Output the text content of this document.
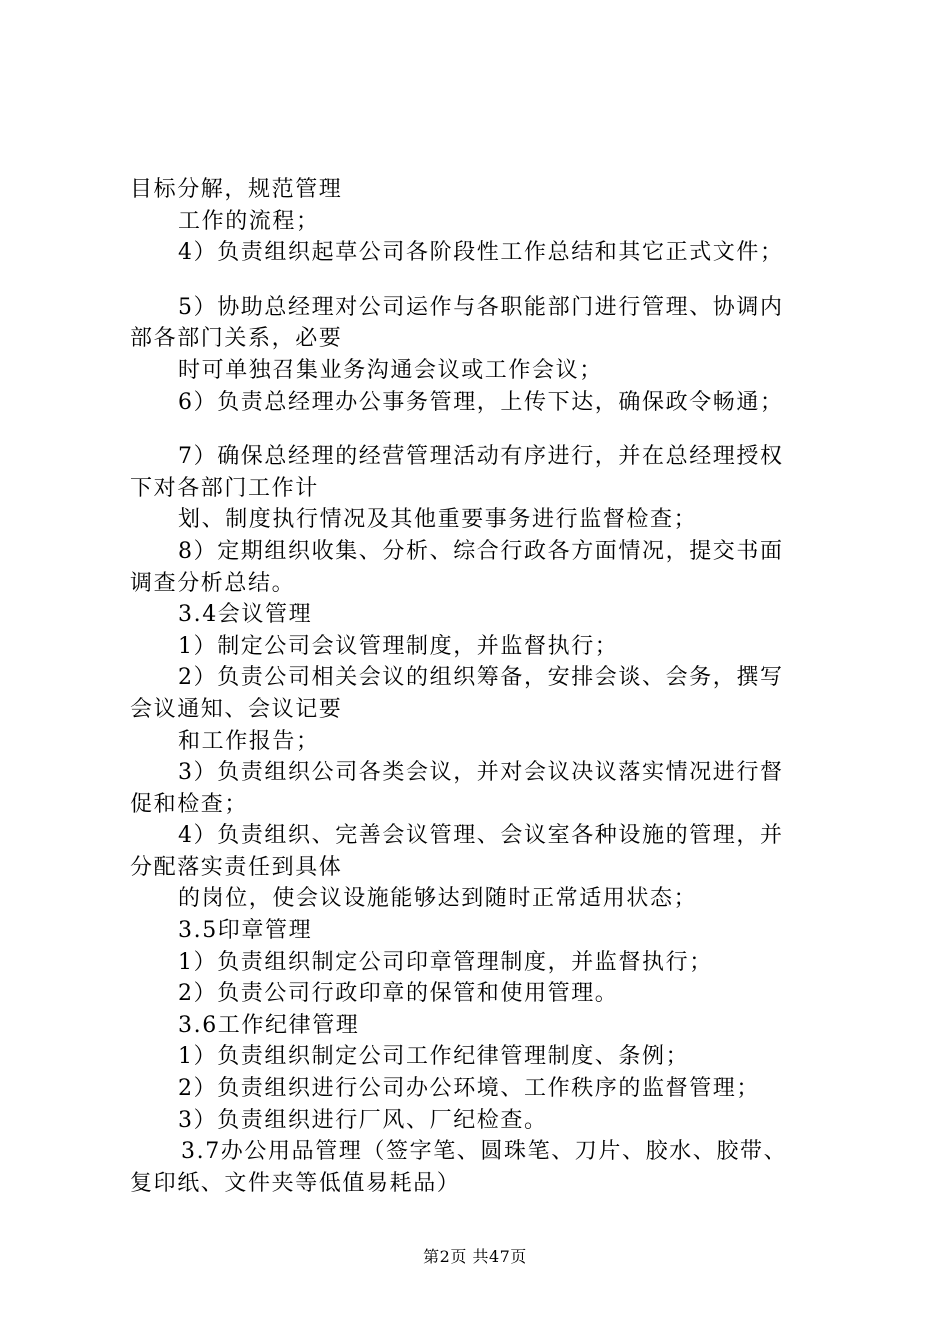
目标分解，规范管理
工作的流程；
4）负责组织起草公司各阶段性工作总结和其它正式文件；
5）协助总经理对公司运作与各职能部门进行管理、协调内
部各部门关系，必要
时可单独召集业务沟通会议或工作会议；
6）负责总经理办公事务管理，上传下达，确保政令畅通；
7）确保总经理的经营管理活动有序进行，并在总经理授权
下对各部门工作计
划、制度执行情况及其他重要事务进行监督检查；
8）定期组织收集、分析、综合行政各方面情况，提交书面
调查分析总结。
3.4会议管理
1）制定公司会议管理制度，并监督执行；
2）负责公司相关会议的组织筹备，安排会谈、会务，撰写
会议通知、会议记要
和工作报告；
3）负责组织公司各类会议，并对会议决议落实情况进行督
促和检查；
4）负责组织、完善会议管理、会议室各种设施的管理，并
分配落实责任到具体
的岗位，使会议设施能够达到随时正常适用状态；
3.5印章管理
1）负责组织制定公司印章管理制度，并监督执行；
2）负责公司行政印章的保管和使用管理。
3.6工作纪律管理
1）负责组织制定公司工作纪律管理制度、条例；
2）负责组织进行公司办公环境、工作秩序的监督管理；
3）负责组织进行厂风、厂纪检查。
3.7办公用品管理（签字笔、圆珠笔、刀片、胶水、胶带、
复印纸、文件夹等低值易耗品）
第2页 共47页
